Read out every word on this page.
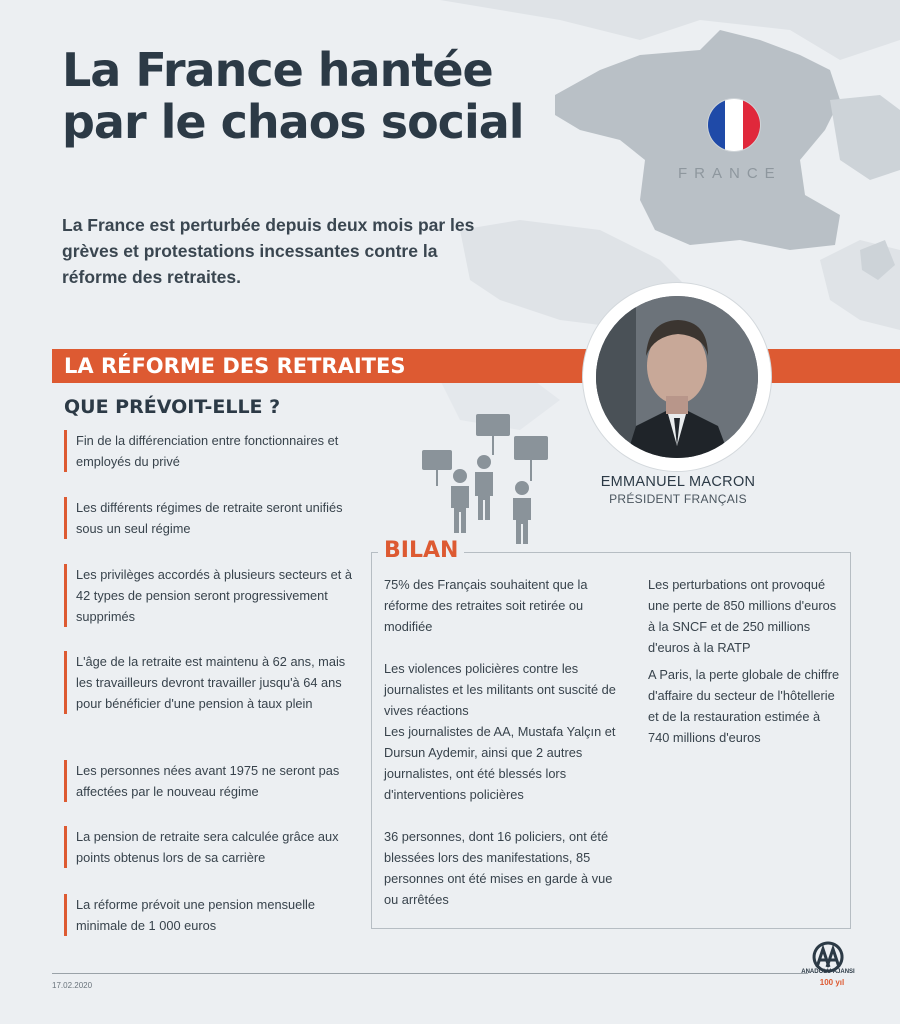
La France hantée
par le chaos social
La France est perturbée depuis deux mois par les grèves et protestations incessantes contre la réforme des retraites.
FRANCE
LA RÉFORME DES RETRAITES
QUE PRÉVOIT-ELLE ?
EMMANUEL MACRON
PRÉSIDENT FRANÇAIS
Fin de la différenciation entre fonctionnaires et employés du privé
Les différents régimes de retraite seront unifiés sous un seul régime
Les privilèges accordés à plusieurs secteurs et à 42 types de pension seront progressivement supprimés
L'âge de la retraite est maintenu à 62 ans, mais les travailleurs devront travailler jusqu'à 64 ans pour bénéficier d'une pension à taux plein
Les personnes nées avant 1975 ne seront pas affectées par le nouveau régime
La pension de retraite sera calculée grâce aux points obtenus lors de sa carrière
La réforme prévoit une pension mensuelle minimale de 1 000 euros
BILAN

75% des Français souhaitent que la réforme des retraites soit retirée ou modifiée

Les violences policières contre les journalistes et les militants ont suscité de vives réactions

Les journalistes de AA, Mustafa Yalçın et Dursun Aydemir, ainsi que 2 autres journalistes, ont été blessés lors d'interventions policières

36 personnes, dont 16 policiers, ont été blessées lors des manifestations, 85 personnes ont été mises en garde à vue ou arrêtées

Les perturbations ont provoqué une perte de 850 millions d'euros à la SNCF et de 250 millions d'euros à la RATP

A Paris, la perte globale de chiffre d'affaire du secteur de l'hôtellerie et de la restauration estimée à 740 millions d'euros

17.02.2020
ANADOLU AJANSI
100 yıl
